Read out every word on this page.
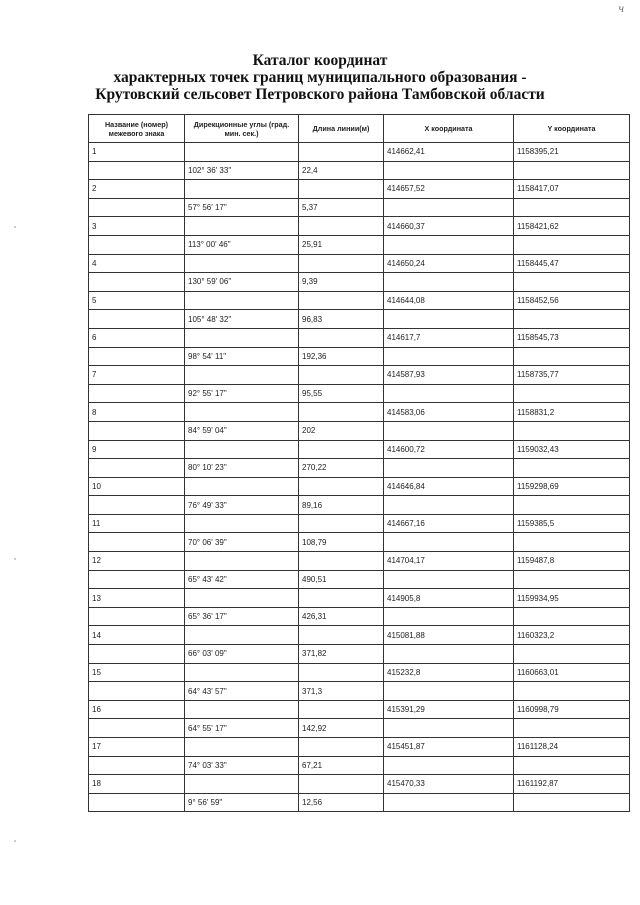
ч
Каталог координат
характерных точек границ муниципального образования -
Крутовский сельсовет Петровского района Тамбовской области
Название (номер) межевого знака	Дирекционные углы (град. мин. сек.)	Длина линии(м)	X координата	Y координата
1			414662,41	1158395,21
	102° 36' 33"	22,4		
2			414657,52	1158417,07
	57° 56' 17"	5,37		
3			414660,37	1158421,62
	113° 00' 46"	25,91		
4			414650,24	1158445,47
	130° 59' 06"	9,39		
5			414644,08	1158452,56
	105° 48' 32"	96,83		
6			414617,7	1158545,73
	98° 54' 11"	192,36		
7			414587,93	1158735,77
	92° 55' 17"	95,55		
8			414583,06	1158831,2
	84° 59' 04"	202		
9			414600,72	1159032,43
	80° 10' 23"	270,22		
10			414646,84	1159298,69
	76° 49' 33"	89,16		
11			414667,16	1159385,5
	70° 06' 39"	108,79		
12			414704,17	1159487,8
	65° 43' 42"	490,51		
13			414905,8	1159934,95
	65° 36' 17"	426,31		
14			415081,88	1160323,2
	66° 03' 09"	371,82		
15			415232,8	1160663,01
	64° 43' 57"	371,3		
16			415391,29	1160998,79
	64° 55' 17"	142,92		
17			415451,87	1161128,24
	74° 03' 33"	67,21		
18			415470,33	1161192,87
	9° 56' 59"	12,56		
